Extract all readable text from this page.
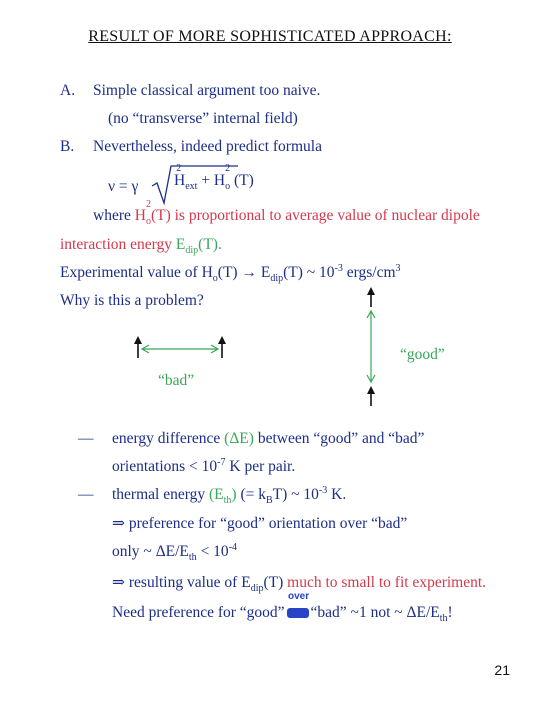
RESULT OF MORE SOPHISTICATED APPROACH:
A. Simple classical argument too naive.
(no “transverse” internal field)
B. Nevertheless, indeed predict formula
ν = γ H
2
$_{ext}$ + H
2
$_o$ (T)
where H
2
$_o$(T) is proportional to average value of nuclear dipole
interaction energy $E_{dip}(T)$.
Experimental value of $H_o(T) \to E_{dip}(T)$ ~ $10^{-3}$ ergs/$cm^3$
Why is this a problem?
“bad”
“good”
— energy difference (ΔE) between “good” and “bad”
orientations < $10^{-7}$ K per pair.
— thermal energy $(E_{th})$ (= $k_BT$) ~ $10^{-3}$ K.
⇒ preference for “good” orientation over “bad”
only ~ $\Delta E/E_{th} < 10^{-4}$
⇒ resulting value of $E_{dip}(T)$ much to small to fit experiment.
over
Need preference for “good” “bad” ~1 not ~ $\Delta E/E_{th}$!
21
